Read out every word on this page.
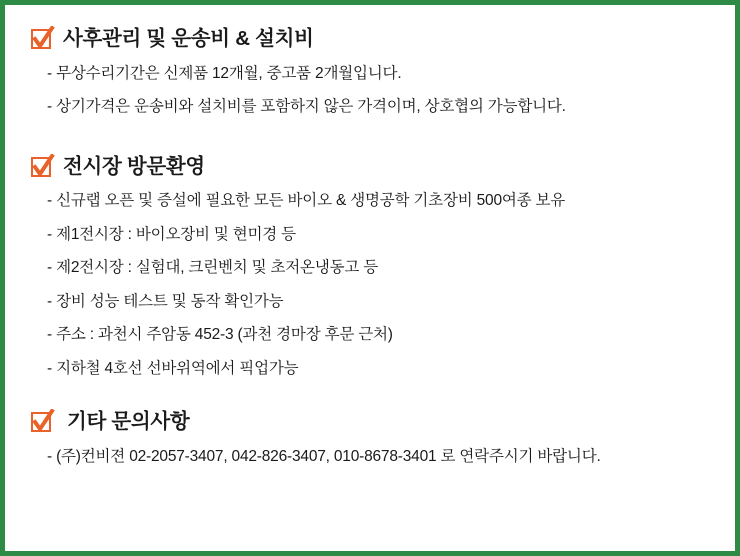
사후관리 및 운송비 & 설치비
- 무상수리기간은 신제품 12개월, 중고품 2개월입니다.
- 상기가격은 운송비와 설치비를 포함하지 않은 가격이며, 상호협의 가능합니다.
전시장 방문환영
- 신규랩 오픈 및 증설에 필요한 모든 바이오 & 생명공학 기초장비 500여종 보유
- 제1전시장 : 바이오장비 및 현미경 등
- 제2전시장 : 실험대, 크린벤치 및 초저온냉동고 등
- 장비 성능 테스트 및 동작 확인가능
- 주소 : 과천시 주암동 452-3 (과천 경마장 후문 근처)
- 지하철 4호선 선바위역에서 픽업가능
기타 문의사항
- (주)컨비젼 02-2057-3407, 042-826-3407, 010-8678-3401 로 연락주시기 바랍니다.
